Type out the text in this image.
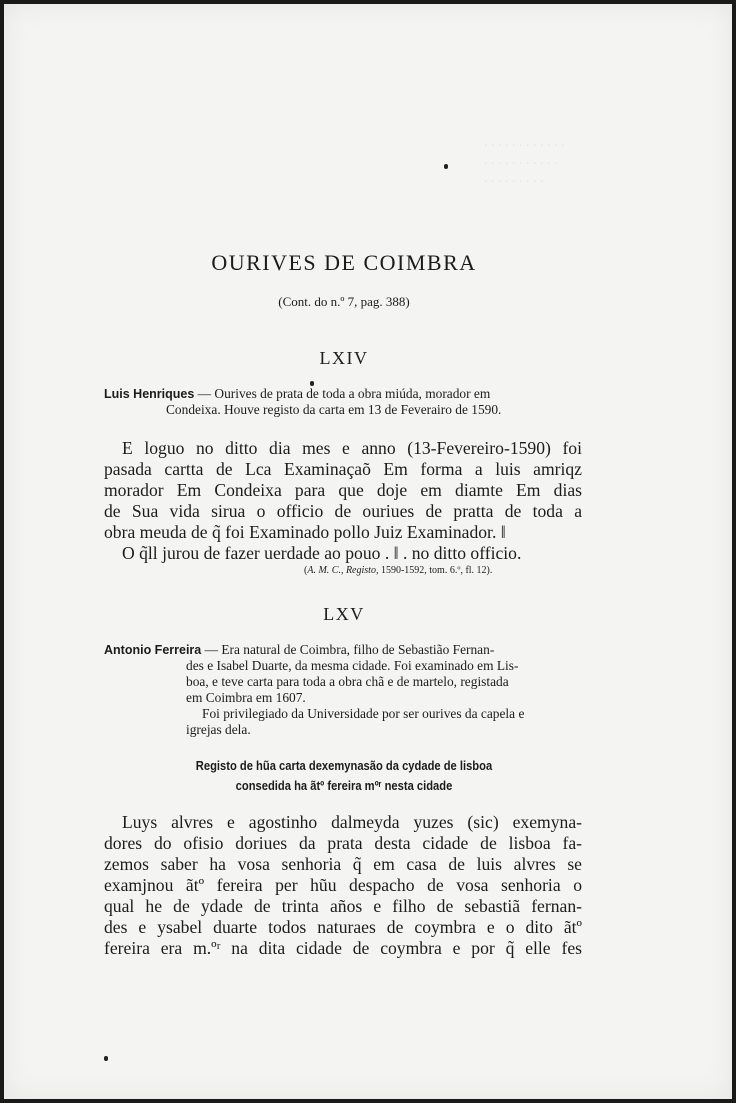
. . . . . . . . . . . .
. . . . . . . . . . .
. . . . . . . . .
OURIVES DE COIMBRA
(Cont. do n.º 7, pag. 388)
LXIV
Luis Henriques — Ourives de prata de toda a obra miúda, morador em
Condeixa. Houve registo da carta em 13 de Feverairo de 1590.
E loguo no ditto dia mes e anno (13-Fevereiro-1590) foi
pasada cartta de Lca Examinaçaõ Em forma a luis amriqz
morador Em Condeixa para que doje em diamte Em dias
de Sua vida sirua o officio de ouriues de pratta de toda a
obra meuda de q̃ foi Examinado pollo Juiz Examinador. ‖
O q̃ll jurou de fazer uerdade ao pouo . ‖ . no ditto officio.
(A. M. C., Registo, 1590-1592, tom. 6.º, fl. 12).
LXV
Antonio Ferreira — Era natural de Coimbra, filho de Sebastião Fernan-
des e Isabel Duarte, da mesma cidade. Foi examinado em Lis-
boa, e teve carta para toda a obra chã e de martelo, registada
em Coimbra em 1607.
Foi privilegiado da Universidade por ser ourives da capela e
igrejas dela.
Registo de hũa carta dexemynasão da cydade de lisboa
consedida ha ãtº fereira mºʳ nesta cidade
Luys alvres e agostinho dalmeyda yuzes (sic) exemyna-
dores do ofisio doriues da prata desta cidade de lisboa fa-
zemos saber ha vosa senhoria q̃ em casa de luis alvres se
examjnou ãtº fereira per hũu despacho de vosa senhoria o
qual he de ydade de trinta años e filho de sebastiã fernan-
des e ysabel duarte todos naturaes de coymbra e o dito ãtº
fereira era m.ºʳ na dita cidade de coymbra e por q̃ elle fes
